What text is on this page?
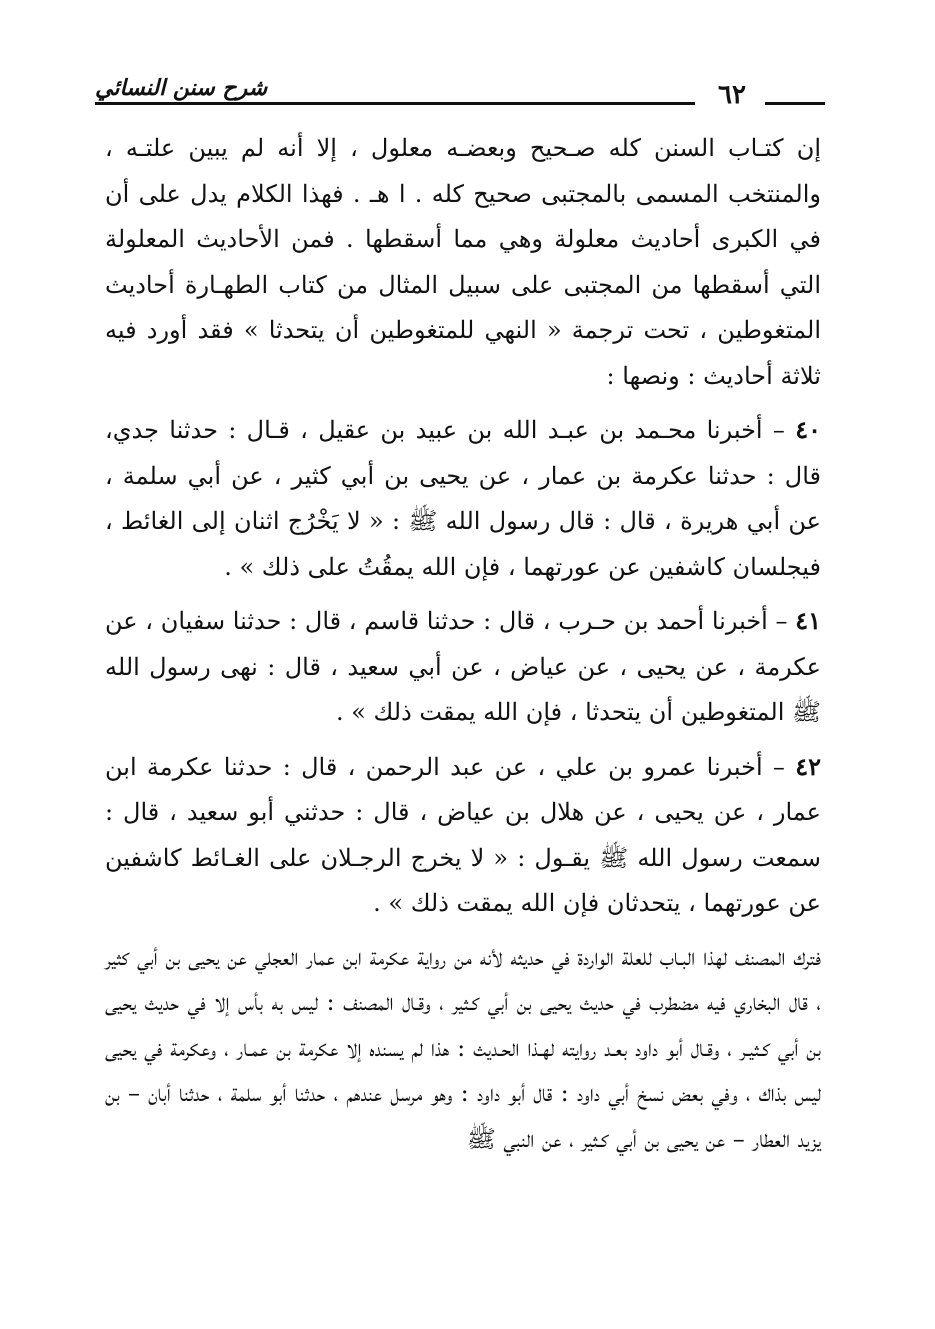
شرح سنن النسائي	٦٢

إن كتـاب السنن كله صـحيح وبعضـه معلول ، إلا أنه لم يبين علتـه ، والمنتخب المسمى بالمجتبى صحيح كله . ا هـ . فهذا الكلام يدل على أن في الكبرى أحاديث معلولة وهي مما أسقطها . فمن الأحاديث المعلولة التي أسقطها من المجتبى على سبيل المثال من كتاب الطهـارة أحاديث المتغوطين ، تحت ترجمة « النهي للمتغوطين أن يتحدثا » فقد أورد فيه ثلاثة أحاديث : ونصها :

٤٠ – أخبرنا محـمد بن عبـد الله بن عبيد بن عقيل ، قـال : حدثنا جدي، قال : حدثنا عكرمة بن عمار ، عن يحيى بن أبي كثير ، عن أبي سلمة ، عن أبي هريرة ، قال : قال رسول الله ﷺ : « لا يَخْرُج اثنان إلى الغائط ، فيجلسان كاشفين عن عورتهما ، فإن الله يمقُتُ على ذلك » .

٤١ – أخبرنا أحمد بن حـرب ، قال : حدثنا قاسم ، قال : حدثنا سفيان ، عن عكرمة ، عن يحيى ، عن عياض ، عن أبي سعيد ، قال : نهى رسول الله ﷺ المتغوطين أن يتحدثا ، فإن الله يمقت ذلك » .

٤٢ – أخبرنا عمرو بن علي ، عن عبد الرحمن ، قال : حدثنا عكرمة ابن عمار ، عن يحيى ، عن هلال بن عياض ، قال : حدثني أبو سعيد ، قال : سمعت رسول الله ﷺ يقـول : « لا يخرج الرجـلان على الغـائط كاشفين عن عورتهما ، يتحدثان فإن الله يمقت ذلك » .

فترك المصنف لهذا البـاب للعلة الواردة في حديثه لأنه من رواية عكرمة ابن عمار العجلي عن يحيى بن أبي كثير ، قال البخاري فيه مضطرب في حديث يحيى بن أبي كـثير ، وقـال المصنف : ليس به بأس إلا في حديث يحيى بن أبي كـثيـر ، وقـال أبو داود بعـد روايته لهـذا الحـديث : هذا لم يسنده إلا عكرمة بن عمـار ، وعكرمة في يحيى ليس بذاك ، وفي بعض نسخ أبي داود : قال أبو داود : وهو مرسل عندهم ، حدثنا أبو سلمة ، حدثنا أبان – بن يزيد العطار – عن يحيى بن أبي كـثير ، عن النبي ﷺ
